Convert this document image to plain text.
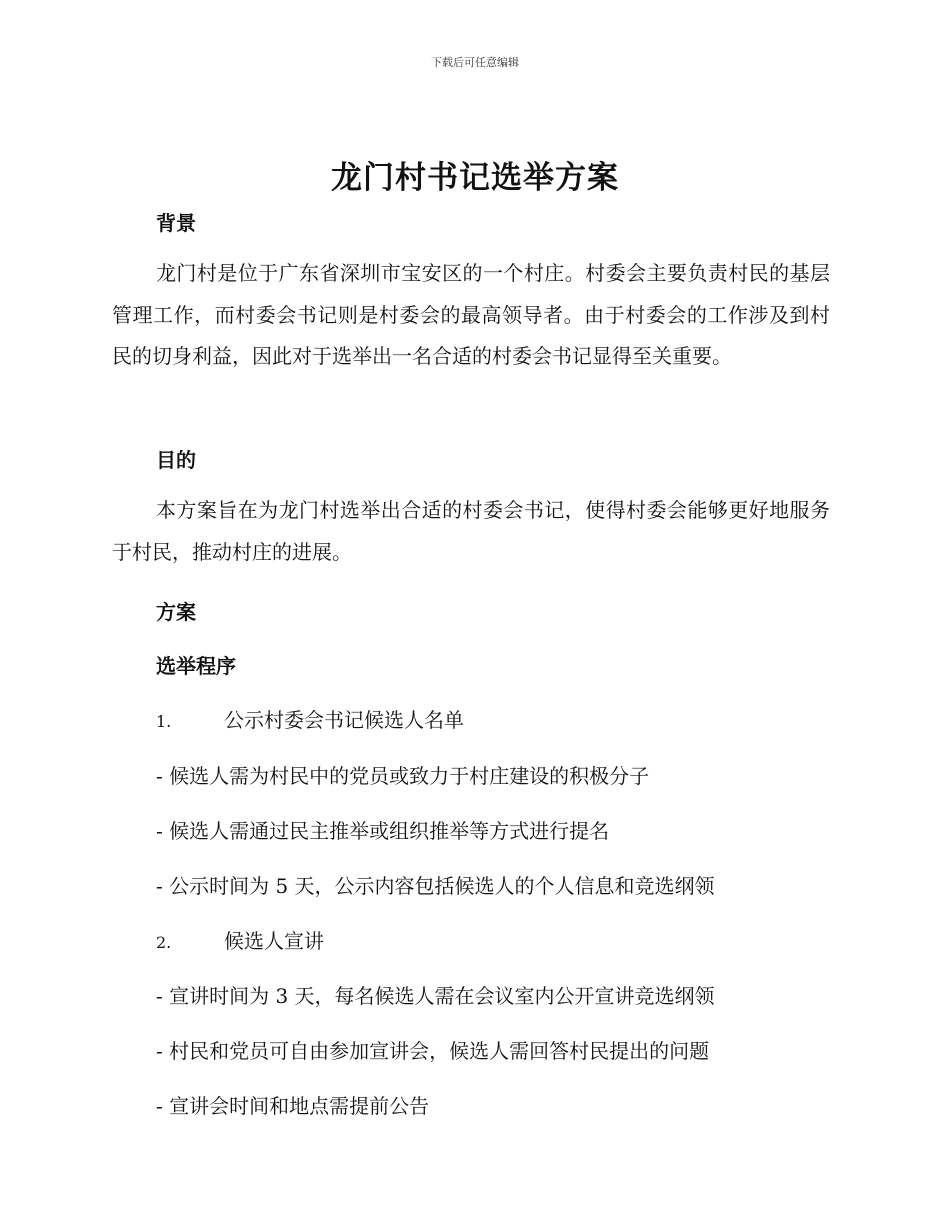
下载后可任意编辑
龙门村书记选举方案
背景

龙门村是位于广东省深圳市宝安区的一个村庄。村委会主要负责村民的基层管理工作，而村委会书记则是村委会的最高领导者。由于村委会的工作涉及到村民的切身利益，因此对于选举出一名合适的村委会书记显得至关重要。

目的

本方案旨在为龙门村选举出合适的村委会书记，使得村委会能够更好地服务于村民，推动村庄的进展。

方案
选举程序

1.	公示村委会书记候选人名单

- 候选人需为村民中的党员或致力于村庄建设的积极分子

- 候选人需通过民主推举或组织推举等方式进行提名

- 公示时间为 5 天，公示内容包括候选人的个人信息和竞选纲领

2.	候选人宣讲

- 宣讲时间为 3 天，每名候选人需在会议室内公开宣讲竞选纲领

- 村民和党员可自由参加宣讲会，候选人需回答村民提出的问题

- 宣讲会时间和地点需提前公告
